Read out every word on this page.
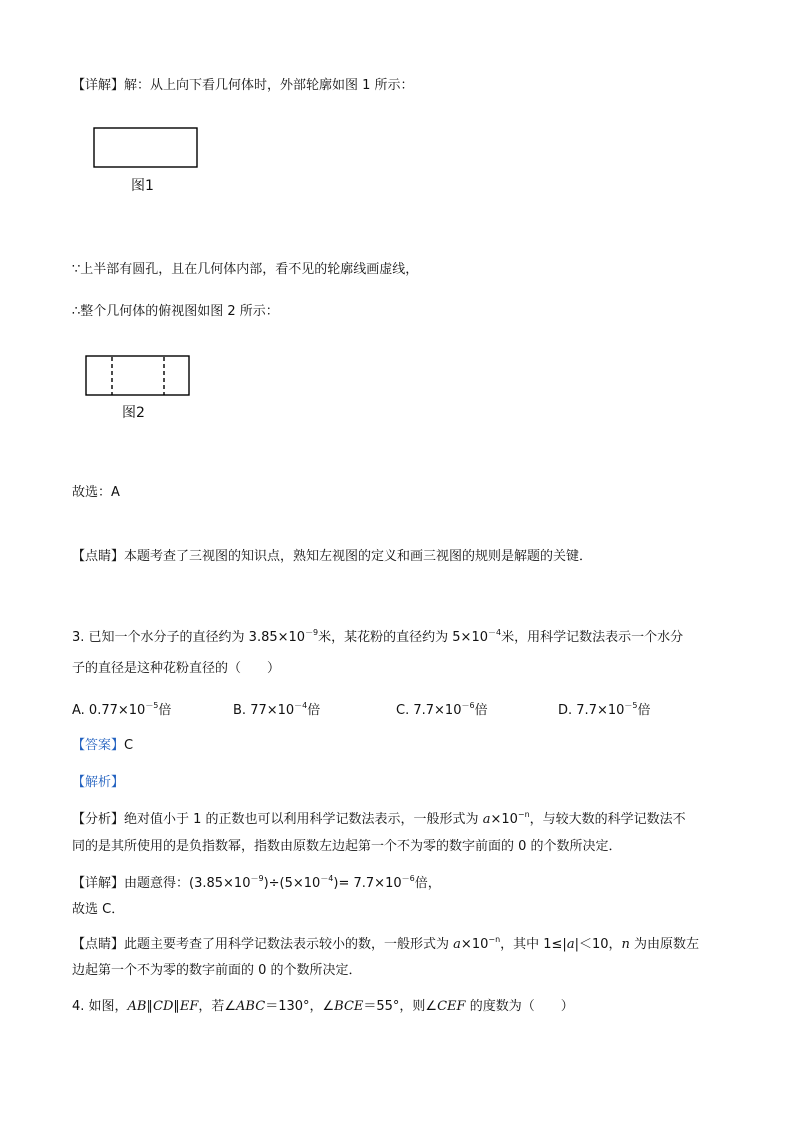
【详解】解：从上向下看几何体时，外部轮廓如图 1 所示：
图1
∵上半部有圆孔，且在几何体内部，看不见的轮廓线画虚线，
∴整个几何体的俯视图如图 2 所示：
图2
故选：A
【点睛】本题考查了三视图的知识点，熟知左视图的定义和画三视图的规则是解题的关键．
3. 已知一个水分子的直径约为 $3.85\times 10^{-9}$米，某花粉的直径约为 $5\times 10^{-4}$米，用科学记数法表示一个水分
子的直径是这种花粉直径的（　　）
A. $0.77\times 10^{-5}$倍	B. $77\times 10^{-4}$倍	C. $7.7\times 10^{-6}$倍	D. $7.7\times 10^{-5}$倍
【答案】C
【解析】
【分析】绝对值小于 1 的正数也可以利用科学记数法表示，一般形式为 $a\times 10^{-n}$，与较大数的科学记数法不
同的是其所使用的是负指数幂，指数由原数左边起第一个不为零的数字前面的 0 的个数所决定．
【详解】由题意得：$(3.85\times 10^{-9})\div(5\times 10^{-4})= 7.7\times 10^{-6}$倍，
故选 C．
【点睛】此题主要考查了用科学记数法表示较小的数，一般形式为 $a\times 10^{-n}$，其中 1≤|a|＜10，n 为由原数左
边起第一个不为零的数字前面的 0 的个数所决定．
4. 如图，AB∥CD∥EF，若∠ABC＝130°，∠BCE＝55°，则∠CEF 的度数为（　　）
